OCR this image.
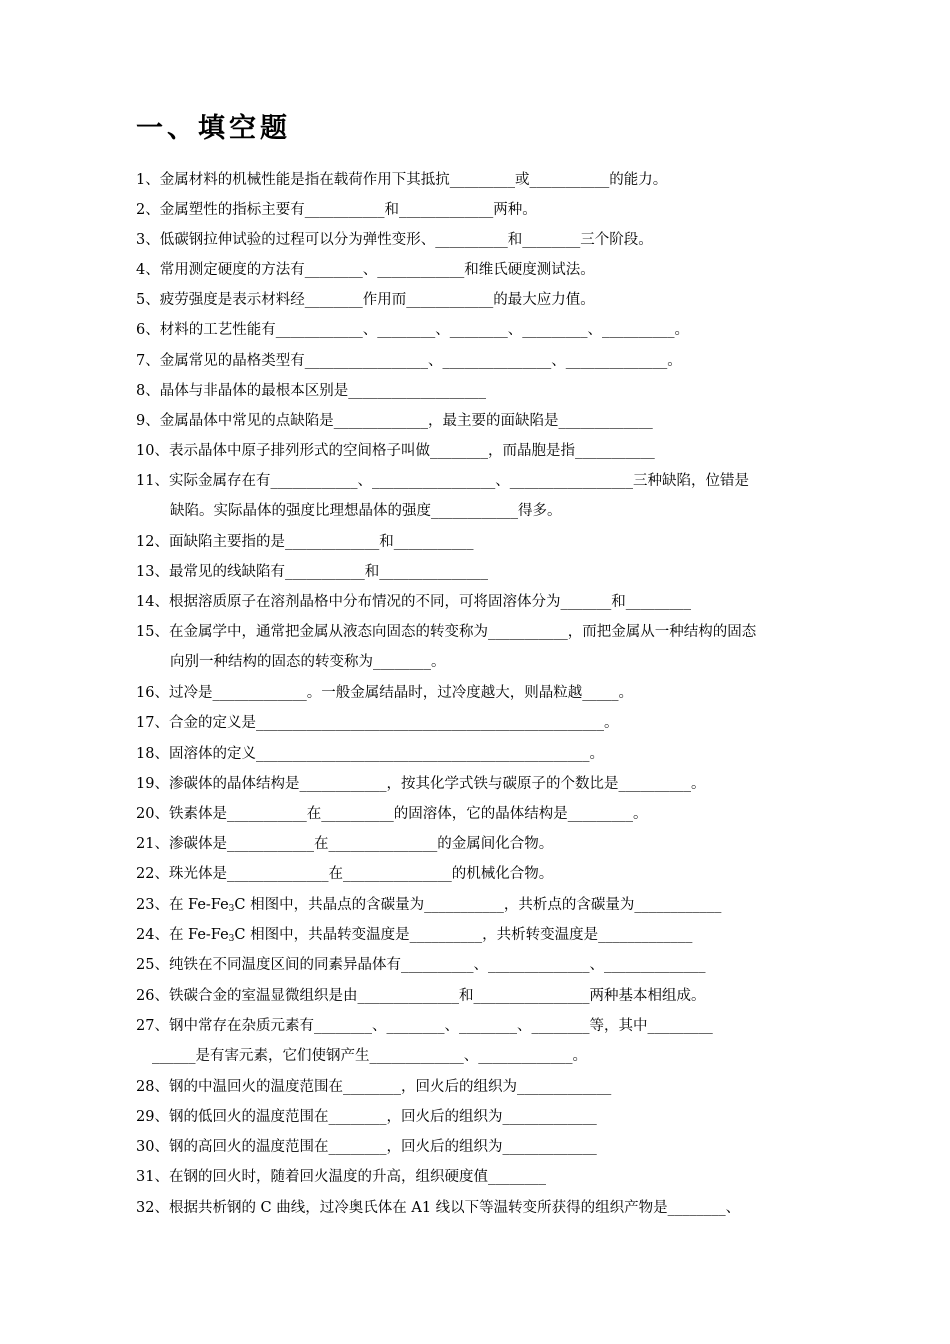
一、填空题
1、金属材料的机械性能是指在载荷作用下其抵抗_________或___________的能力。
2、金属塑性的指标主要有___________和_____________两种。
3、低碳钢拉伸试验的过程可以分为弹性变形、__________和________三个阶段。
4、常用测定硬度的方法有________、____________和维氏硬度测试法。
5、疲劳强度是表示材料经________作用而____________的最大应力值。
6、材料的工艺性能有____________、________、________、_________、__________。
7、金属常见的晶格类型有_________________、_______________、______________。
8、晶体与非晶体的最根本区别是___________________
9、金属晶体中常见的点缺陷是_____________，最主要的面缺陷是_____________
10、表示晶体中原子排列形式的空间格子叫做________，而晶胞是指___________
11、实际金属存在有____________、_________________、_________________三种缺陷，位错是
缺陷。实际晶体的强度比理想晶体的强度____________得多。
12、面缺陷主要指的是_____________和___________
13、最常见的线缺陷有___________和_______________
14、根据溶质原子在溶剂晶格中分布情况的不同，可将固溶体分为_______和_________
15、在金属学中，通常把金属从液态向固态的转变称为___________，而把金属从一种结构的固态
向别一种结构的固态的转变称为________。
16、过冷是_____________。一般金属结晶时，过冷度越大，则晶粒越_____。
17、合金的定义是________________________________________________。
18、固溶体的定义______________________________________________。
19、渗碳体的晶体结构是____________，按其化学式铁与碳原子的个数比是__________。
20、铁素体是___________在__________的固溶体，它的晶体结构是_________。
21、渗碳体是____________在_______________的金属间化合物。
22、珠光体是______________在_______________的机械化合物。
23、在 $Fe-Fe_3C$ 相图中，共晶点的含碳量为___________，共析点的含碳量为____________
24、在 $Fe-Fe_3C$ 相图中，共晶转变温度是__________，共析转变温度是_____________
25、纯铁在不同温度区间的同素异晶体有__________、______________、______________
26、铁碳合金的室温显微组织是由______________和________________两种基本相组成。
27、钢中常存在杂质元素有________、________、________、________等，其中_________
______是有害元素，它们使钢产生_____________、_____________。
28、钢的中温回火的温度范围在________，回火后的组织为_____________
29、钢的低回火的温度范围在________，回火后的组织为_____________
30、钢的高回火的温度范围在________，回火后的组织为_____________
31、在钢的回火时，随着回火温度的升高，组织硬度值________
32、根据共析钢的 C 曲线，过冷奥氏体在 A1 线以下等温转变所获得的组织产物是________、
